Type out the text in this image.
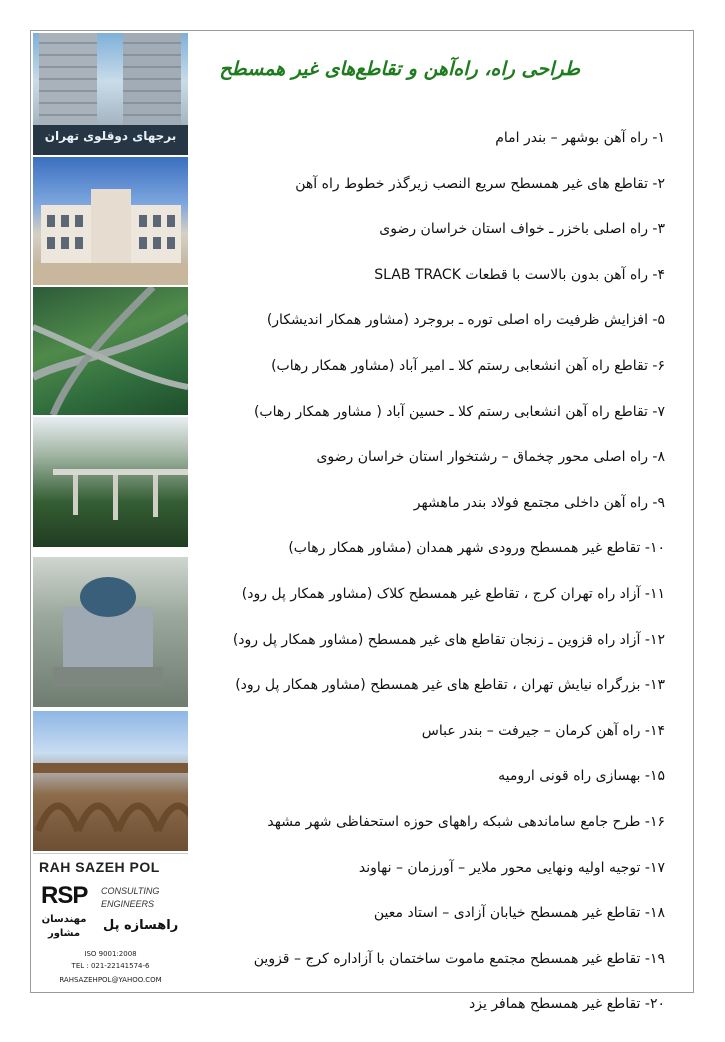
برجهای دوقلوی تهران
RAH SAZEH POL
RSP CONSULTING
ENGINEERS
مهندسان
مشاور
راهسازه پل
ISO 9001:2008
TEL : 021-22141574-6
RAHSAZEHPOL@YAHOO.COM
طراحی راه، راه‌آهن و تقاطع‌های غیر همسطح
۱- راه آهن بوشهر – بندر امام
۲- تقاطع های غیر همسطح سریع النصب زیرگذر خطوط راه آهن
۳- راه اصلی باخزر ـ خواف استان خراسان رضوی
۴- راه آهن بدون بالاست با قطعات SLAB TRACK
۵- افزایش ظرفیت راه اصلی توره ـ بروجرد (مشاور همکار اندیشکار)
۶- تقاطع راه آهن انشعابی رستم کلا ـ امیر آباد (مشاور همکار رهاب)
۷- تقاطع راه آهن انشعابی رستم کلا ـ حسین آباد ( مشاور همکار رهاب)
۸- راه اصلی محور چخماق – رشتخوار استان خراسان رضوی
۹- راه آهن داخلی مجتمع فولاد بندر ماهشهر
۱۰- تقاطع غیر همسطح ورودی شهر همدان (مشاور همکار رهاب)
۱۱- آزاد راه تهران کرج ، تقاطع غیر همسطح کلاک (مشاور همکار پل رود)
۱۲- آزاد راه قزوین ـ زنجان تقاطع های غیر همسطح (مشاور همکار پل رود)
۱۳- بزرگراه نیایش تهران ، تقاطع های غیر همسطح (مشاور همکار پل رود)
۱۴- راه آهن کرمان – جیرفت – بندر عباس
۱۵- بهسازی راه قونی ارومیه
۱۶- طرح جامع ساماندهی شبکه راههای حوزه استحفاظی شهر مشهد
۱۷- توجیه اولیه ونهایی محور ملایر – آورزمان – نهاوند
۱۸- تقاطع غیر همسطح خیابان آزادی – استاد معین
۱۹- تقاطع غیر همسطح مجتمع ماموت ساختمان با آزاداره کرج – قزوین
۲۰- تقاطع غیر همسطح همافر یزد
